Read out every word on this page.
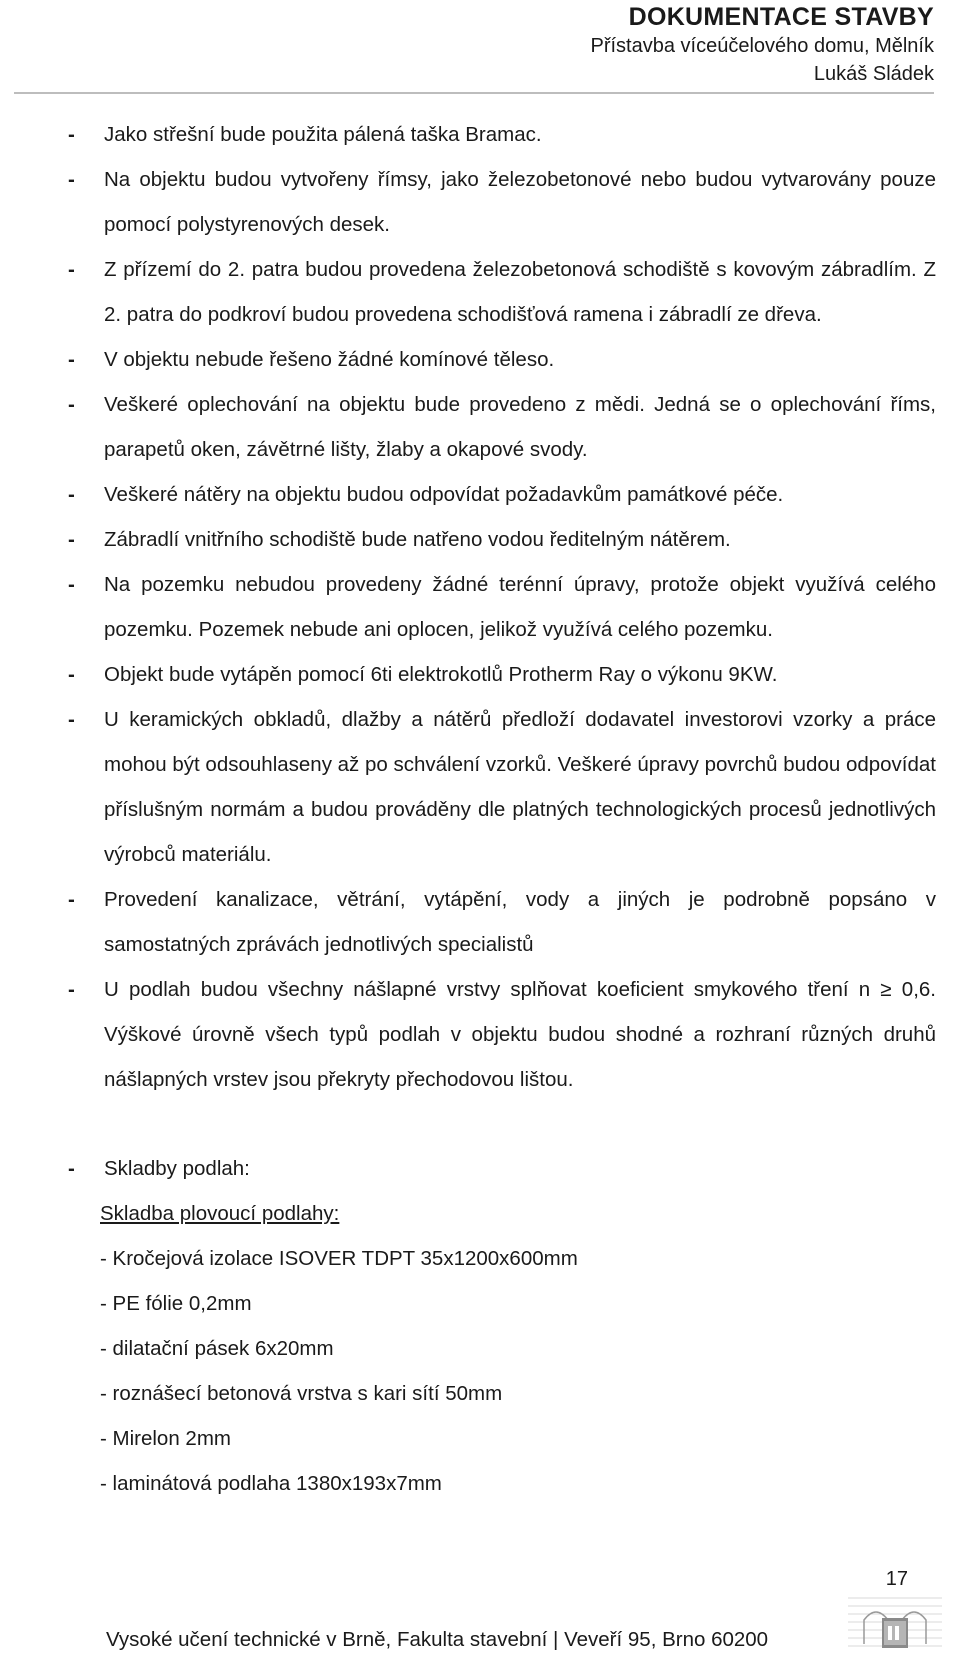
DOKUMENTACE STAVBY
Přístavba víceúčelového domu, Mělník
Lukáš Sládek
- Jako střešní bude použita pálená taška Bramac.
- Na objektu budou vytvořeny římsy, jako železobetonové nebo budou vytvarovány pouze pomocí polystyrenových desek.
- Z přízemí do 2. patra budou provedena železobetonová schodiště s kovovým zábradlím. Z 2. patra do podkroví budou provedena schodišťová ramena i zábradlí ze dřeva.
- V objektu nebude řešeno žádné komínové těleso.
- Veškeré oplechování na objektu bude provedeno z mědi. Jedná se o oplechování říms, parapetů oken, závětrné lišty, žlaby a okapové svody.
- Veškeré nátěry na objektu budou odpovídat požadavkům památkové péče.
- Zábradlí vnitřního schodiště bude natřeno vodou ředitelným nátěrem.
- Na pozemku nebudou provedeny žádné terénní úpravy, protože objekt využívá celého pozemku. Pozemek nebude ani oplocen, jelikož využívá celého pozemku.
- Objekt bude vytápěn pomocí 6ti elektrokotlů Protherm Ray o výkonu 9KW.
- U keramických obkladů, dlažby a nátěrů předloží dodavatel investorovi vzorky a práce mohou být odsouhlaseny až po schválení vzorků. Veškeré úpravy povrchů budou odpovídat příslušným normám a budou prováděny dle platných technologických procesů jednotlivých výrobců materiálu.
- Provedení kanalizace, větrání, vytápění, vody a jiných je podrobně popsáno v samostatných zprávách jednotlivých specialistů
- U podlah budou všechny nášlapné vrstvy splňovat koeficient smykového tření n ≥ 0,6. Výškové úrovně všech typů podlah v objektu budou shodné a rozhraní různých druhů nášlapných vrstev jsou překryty přechodovou lištou.
- Skladby podlah:
Skladba plovoucí podlahy:
- Kročejová izolace ISOVER TDPT 35x1200x600mm
- PE fólie 0,2mm
- dilatační pásek 6x20mm
- roznášecí betonová vrstva s kari sítí 50mm
- Mirelon 2mm
- laminátová podlaha 1380x193x7mm
17
Vysoké učení technické v Brně, Fakulta stavební | Veveří 95, Brno 60200
